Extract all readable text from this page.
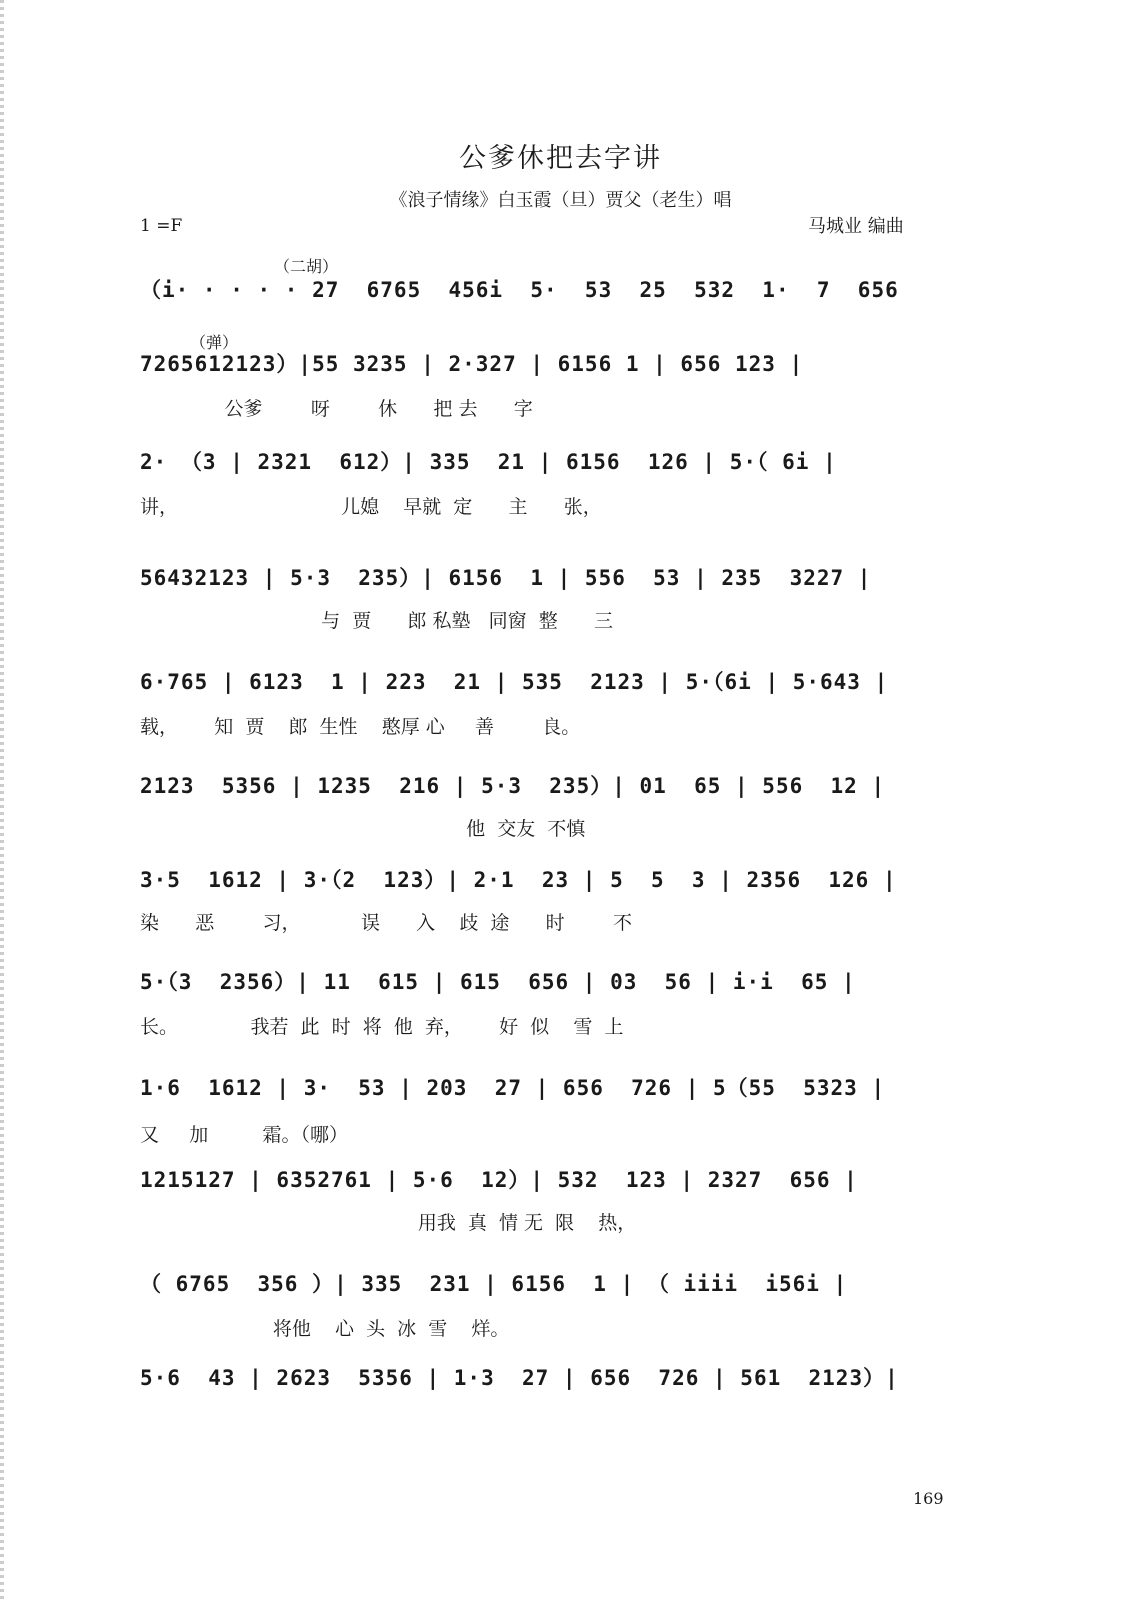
公爹休把去字讲
《浪子情缘》白玉霞（旦）贾父（老生）唱
1 =F	马城业 编曲
（二胡）
（弹）
（i· · · · · 27  6765  456i  5·  53  25  532  1·  7  656
7265612123）|55 3235 | 2·327 | 6156 1 | 656 123 |
公爹        呀        休      把 去      字
2· （3 | 2321  612）| 335  21 | 6156  126 | 5·（ 6i |
讲，                           儿媳    早就  定      主      张，
56432123 | 5·3  235）| 6156  1 | 556  53 | 235  3227 |
与  贾      郎 私塾   同窗  整      三
6·765 | 6123  1 | 223  21 | 535  2123 | 5·（6i | 5·643 |
载，      知  贾    郎  生性    憨厚 心     善        良。
2123  5356 | 1235  216 | 5·3  235）| 01  65 | 556  12 |
他  交友  不慎
3·5  1612 | 3·（2  123）| 2·1  23 | 5  5  3 | 2356  126 |
染      恶        习，          误      入    歧  途      时        不
5·（3  2356）| 11  615 | 615  656 | 03  56 | i·i  65 |
长。            我若  此  时  将  他  弃，      好  似    雪  上
1·6  1612 | 3·  53 | 203  27 | 656  726 | 5（55  5323 |
又     加         霜。（哪）
1215127 | 6352761 | 5·6  12）| 532  123 | 2327  656 |
用我  真  情 无  限    热，
（ 6765  356 ）| 335  231 | 6156  1 | （ iiii  i56i |
将他    心  头  冰  雪    烊。
5·6  43 | 2623  5356 | 1·3  27 | 656  726 | 561  2123）|
169
